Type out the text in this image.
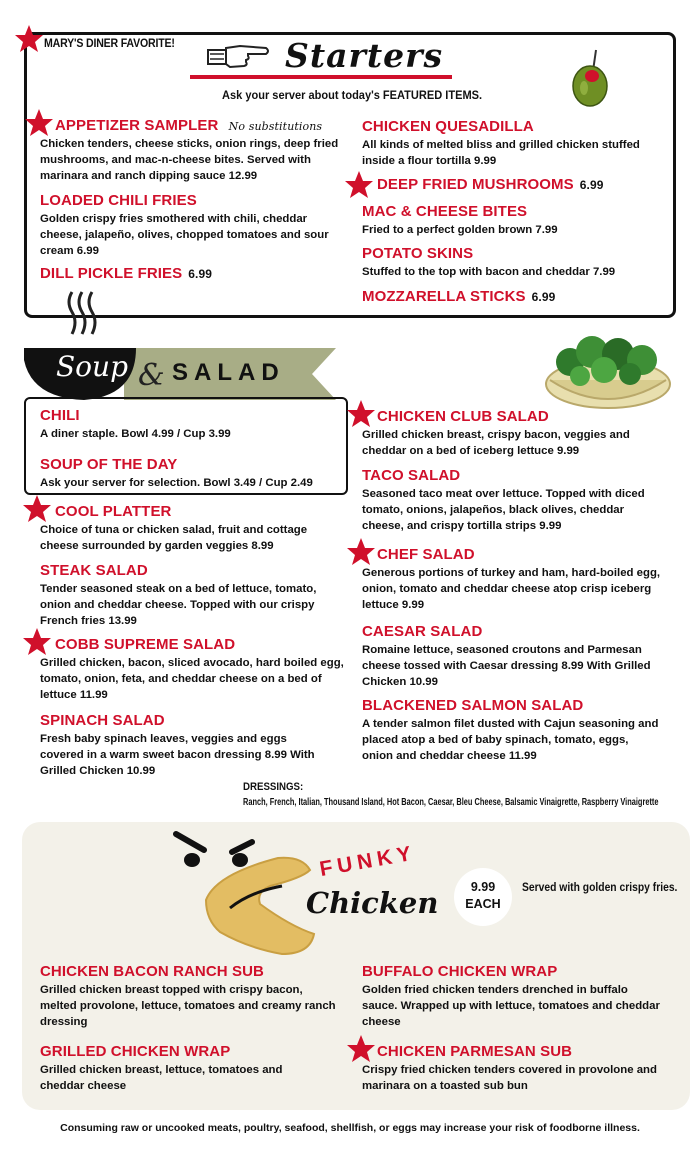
MARY'S DINER FAVORITE!	Starters
Ask your server about today's FEATURED ITEMS.
APPETIZER SAMPLER No substitutions
Chicken tenders, cheese sticks, onion rings, deep fried mushrooms, and mac-n-cheese bites. Served with marinara and ranch dipping sauce 12.99
LOADED CHILI FRIES
Golden crispy fries smothered with chili, cheddar cheese, jalapeño, olives, chopped tomatoes and sour cream 6.99
DILL PICKLE FRIES 6.99
CHICKEN QUESADILLA
All kinds of melted bliss and grilled chicken stuffed inside a flour tortilla 9.99
DEEP FRIED MUSHROOMS 6.99
MAC & CHEESE BITES
Fried to a perfect golden brown 7.99
POTATO SKINS
Stuffed to the top with bacon and cheddar 7.99
MOZZARELLA STICKS 6.99
Soup & SALAD
CHILI
A diner staple. Bowl 4.99 / Cup 3.99
SOUP OF THE DAY
Ask your server for selection. Bowl 3.49 / Cup 2.49
COOL PLATTER
Choice of tuna or chicken salad, fruit and cottage cheese surrounded by garden veggies 8.99
STEAK SALAD
Tender seasoned steak on a bed of lettuce, tomato, onion and cheddar cheese. Topped with our crispy French fries 13.99
COBB SUPREME SALAD
Grilled chicken, bacon, sliced avocado, hard boiled egg, tomato, onion, feta, and cheddar cheese on a bed of lettuce 11.99
SPINACH SALAD
Fresh baby spinach leaves, veggies and eggs covered in a warm sweet bacon dressing 8.99 With Grilled Chicken 10.99
CHICKEN CLUB SALAD
Grilled chicken breast, crispy bacon, veggies and cheddar on a bed of iceberg lettuce 9.99
TACO SALAD
Seasoned taco meat over lettuce. Topped with diced tomato, onions, jalapeños, black olives, cheddar cheese, and crispy tortilla strips 9.99
CHEF SALAD
Generous portions of turkey and ham, hard-boiled egg, onion, tomato and cheddar cheese atop crisp iceberg lettuce 9.99
CAESAR SALAD
Romaine lettuce, seasoned croutons and Parmesan cheese tossed with Caesar dressing 8.99 With Grilled Chicken 10.99
BLACKENED SALMON SALAD
A tender salmon filet dusted with Cajun seasoning and placed atop a bed of baby spinach, tomato, eggs, onion and cheddar cheese 11.99
DRESSINGS:
Ranch, French, Italian, Thousand Island, Hot Bacon, Caesar, Bleu Cheese, Balsamic Vinaigrette, Raspberry Vinaigrette
FUNKY
Chicken	9.99
EACH
Served with golden crispy fries.
CHICKEN BACON RANCH SUB
Grilled chicken breast topped with crispy bacon, melted provolone, lettuce, tomatoes and creamy ranch dressing
GRILLED CHICKEN WRAP
Grilled chicken breast, lettuce, tomatoes and cheddar cheese
BUFFALO CHICKEN WRAP
Golden fried chicken tenders drenched in buffalo sauce. Wrapped up with lettuce, tomatoes and cheddar cheese
CHICKEN PARMESAN SUB
Crispy fried chicken tenders covered in provolone and marinara on a toasted sub bun
Consuming raw or uncooked meats, poultry, seafood, shellfish, or eggs may increase your risk of foodborne illness.
